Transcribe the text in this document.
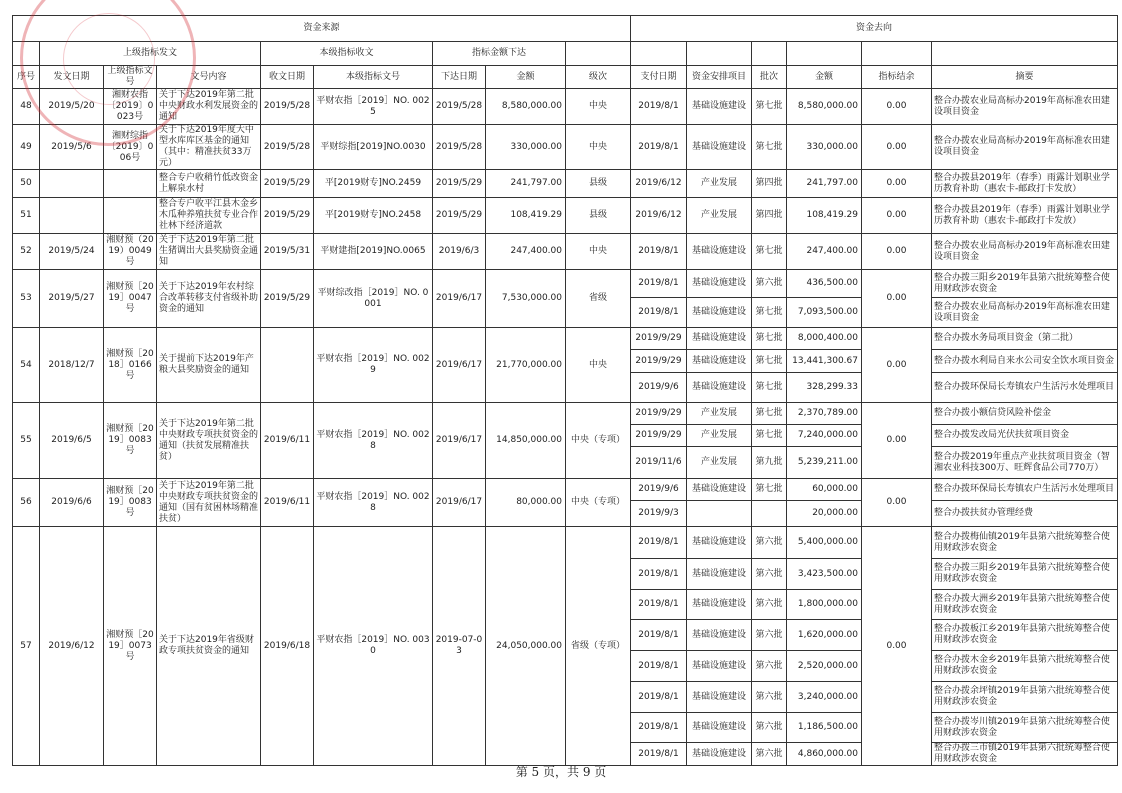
资金来源									资金去向					
	上级指标发文			本级指标收文		指标金额下达								
序号	发文日期	上级指标文号	文号内容	收文日期	本级指标文号	下达日期	金额	级次	支付日期	资金安排项目	批次	金额	指标结余	摘要
48	2019/5/20	湘财农指〔2019〕0023号	关于下达2019年第二批中央财政水利发展资金的通知	2019/5/28	平财农指［2019］NO. 0025	2019/5/28	8,580,000.00	中央	2019/8/1	基础设施建设	第七批	8,580,000.00	0.00	整合办拨农业局高标办2019年高标准农田建设项目资金
49	2019/5/6	湘财综指〔2019〕006号	关于下达2019年度大中型水库库区基金的通知（其中：精准扶贫33万元）	2019/5/28	平财综指[2019]NO.0030	2019/5/28	330,000.00	中央	2019/8/1	基础设施建设	第七批	330,000.00	0.00	整合办拨农业局高标办2019年高标准农田建设项目资金
50			整合专户收稍竹低改资金上解泉水村	2019/5/29	平[2019财专]NO.2459	2019/5/29	241,797.00	县级	2019/6/12	产业发展	第四批	241,797.00	0.00	整合办拨县2019年（春季）雨露计划职业学历教育补助（惠农卡-邮政打卡发放）
51			整合专户收平江县木金乡木瓜种养殖扶贫专业合作社林下经济道款	2019/5/29	平[2019财专]NO.2458	2019/5/29	108,419.29	县级	2019/6/12	产业发展	第四批	108,419.29	0.00	整合办拨县2019年（春季）雨露计划职业学历教育补助（惠农卡-邮政打卡发放）
52	2019/5/24	湘财预（2019）0049号	关于下达2019年第二批生猪调出大县奖励资金通知	2019/5/31	平财建指[2019]NO.0065	2019/6/3	247,400.00	中央	2019/8/1	基础设施建设	第七批	247,400.00	0.00	整合办拨农业局高标办2019年高标准农田建设项目资金
53	2019/5/27	湘财预［2019］0047号	关于下达2019年农村综合改革转移支付省级补助资金的通知	2019/5/29	平财综改指［2019］NO. 0001	2019/6/17	7,530,000.00	省级	2019/8/1	基础设施建设	第六批	436,500.00	0.00	整合办拨三阳乡2019年县第六批统筹整合使用财政涉农资金
									2019/8/1	基础设施建设	第七批	7,093,500.00		整合办拨农业局高标办2019年高标准农田建设项目资金
54	2018/12/7	湘财预［2018］0166号	关于提前下达2019年产粮大县奖励资金的通知		平财农指［2019］NO. 0029	2019/6/17	21,770,000.00	中央	2019/9/29	基础设施建设	第七批	8,000,400.00	0.00	整合办拨水务局项目资金（第二批）
									2019/9/29	基础设施建设	第七批	13,441,300.67		整合办拨水利局自来水公司安全饮水项目资金
									2019/9/6	基础设施建设	第七批	328,299.33		整合办拨环保局长寿镇农户生活污水处理项目
55	2019/6/5	湘财预［2019］0083号	关于下达2019年第二批中央财政专项扶贫资金的通知（扶贫发展精准扶贫）	2019/6/11	平财农指［2019］NO. 0028	2019/6/17	14,850,000.00	中央（专项）	2019/9/29	产业发展	第七批	2,370,789.00	0.00	整合办拨小额信贷风险补偿金
									2019/9/29	产业发展	第七批	7,240,000.00		整合办拨发改局光伏扶贫项目资金
									2019/11/6	产业发展	第九批	5,239,211.00		整合办拨2019年重点产业扶贫项目资金（智湘农业科技300万、旺辉食品公司770万）
56	2019/6/6	湘财预［2019］0083号	关于下达2019年第二批中央财政专项扶贫资金的通知（国有贫困林场精准扶贫）	2019/6/11	平财农指［2019］NO. 0028	2019/6/17	80,000.00	中央（专项）	2019/9/6	基础设施建设	第七批	60,000.00	0.00	整合办拨环保局长寿镇农户生活污水处理项目
									2019/9/3			20,000.00		整合办拨扶贫办管理经费
57	2019/6/12	湘财预［2019］0073号	关于下达2019年省级财政专项扶贫资金的通知	2019/6/18	平财农指［2019］NO. 0030	2019-07-03	24,050,000.00	省级（专项）	2019/8/1	基础设施建设	第六批	5,400,000.00	0.00	整合办拨梅仙镇2019年县第六批统筹整合使用财政涉农资金
									2019/8/1	基础设施建设	第六批	3,423,500.00		整合办拨三阳乡2019年县第六批统筹整合使用财政涉农资金
									2019/8/1	基础设施建设	第六批	1,800,000.00		整合办拨大洲乡2019年县第六批统筹整合使用财政涉农资金
									2019/8/1	基础设施建设	第六批	1,620,000.00		整合办拨板江乡2019年县第六批统筹整合使用财政涉农资金
									2019/8/1	基础设施建设	第六批	2,520,000.00		整合办拨木金乡2019年县第六批统筹整合使用财政涉农资金
									2019/8/1	基础设施建设	第六批	3,240,000.00		整合办拨余坪镇2019年县第六批统筹整合使用财政涉农资金
									2019/8/1	基础设施建设	第六批	1,186,500.00		整合办拨岑川镇2019年县第六批统筹整合使用财政涉农资金
									2019/8/1	基础设施建设	第六批	4,860,000.00		整合办拨三市镇2019年县第六批统筹整合使用财政涉农资金
第 5 页，共 9 页
